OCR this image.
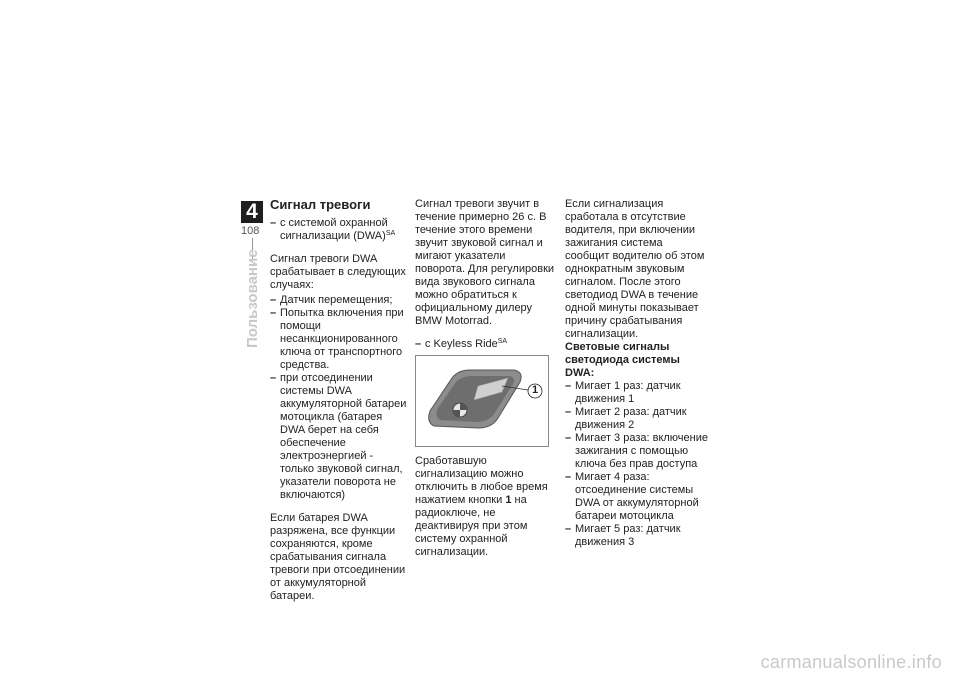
4
108
Пользование
Сигнал тревоги
– с системой охранной сигнализации (DWA)$^{SA}$

Сигнал тревоги DWA срабатывает в следующих случаях:

– Датчик перемещения;
– Попытка включения при помощи несанкционированного ключа от транспортного средства.
– при отсоединении системы DWA аккумуляторной батареи мотоцикла (батарея DWA берет на себя обеспечение электроэнергией - только звуковой сигнал, указатели поворота не включаются)

Если батарея DWA разряжена, все функции сохраняются, кроме срабатывания сигнала тревоги при отсоединении от аккумуляторной батареи.

Сигнал тревоги звучит в течение примерно 26 с. В течение этого времени звучит звуковой сигнал и мигают указатели поворота. Для регулировки вида звукового сигнала можно обратиться к официальному дилеру BMW Motorrad.

– с Keyless Ride$^{SA}$
1

Сработавшую сигнализацию можно отключить в любое время нажатием кнопки 1 на радиоключе, не деактивируя при этом систему охранной сигнализации.

Если сигнализация сработала в отсутствие водителя, при включении зажигания система сообщит водителю об этом однократным звуковым сигналом. После этого светодиод DWA в течение одной минуты показывает причину срабатывания сигнализации.

Световые сигналы светодиода системы DWA:

– Мигает 1 раз: датчик движения 1
– Мигает 2 раза: датчик движения 2
– Мигает 3 раза: включение зажигания с помощью ключа без прав доступа
– Мигает 4 раза: отсоединение системы DWA от аккумуляторной батареи мотоцикла
– Мигает 5 раз: датчик движения 3
carmanualsonline.info
